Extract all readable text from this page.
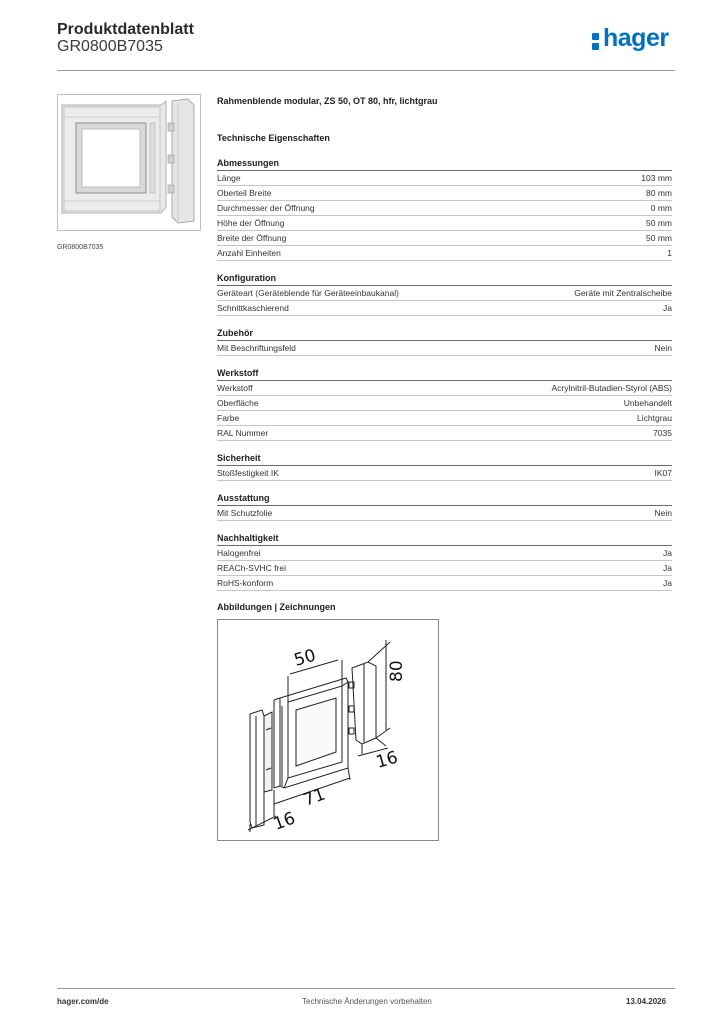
Produktdatenblatt
GR0800B7035	hager
GR0800B7035
Rahmenblende modular, ZS 50, OT 80, hfr, lichtgrau
Technische Eigenschaften
Abmessungen
Länge	103 mm
Oberteil Breite	80 mm
Durchmesser der Öffnung	0 mm
Höhe der Öffnung	50 mm
Breite der Öffnung	50 mm
Anzahl Einheiten	1
Konfiguration
Geräteart (Geräteblende für Geräteeinbaukanal)	Geräte mit Zentralscheibe
Schnittkaschierend	Ja
Zubehör
Mit Beschriftungsfeld	Nein
Werkstoff
Werkstoff	Acrylnitril-Butadien-Styrol (ABS)
Oberfläche	Unbehandelt
Farbe	Lichtgrau
RAL Nummer	7035
Sicherheit
Stoßfestigkeit IK	IK07
Ausstattung
Mit Schutzfolie	Nein
Nachhaltigkeit
Halogenfrei	Ja
REACh-SVHC frei	Ja
RoHS-konform	Ja
Abbildungen | Zeichnungen
50
80
16
71
16
hager.com/de	Technische Änderungen vorbehalten	13.04.2026
